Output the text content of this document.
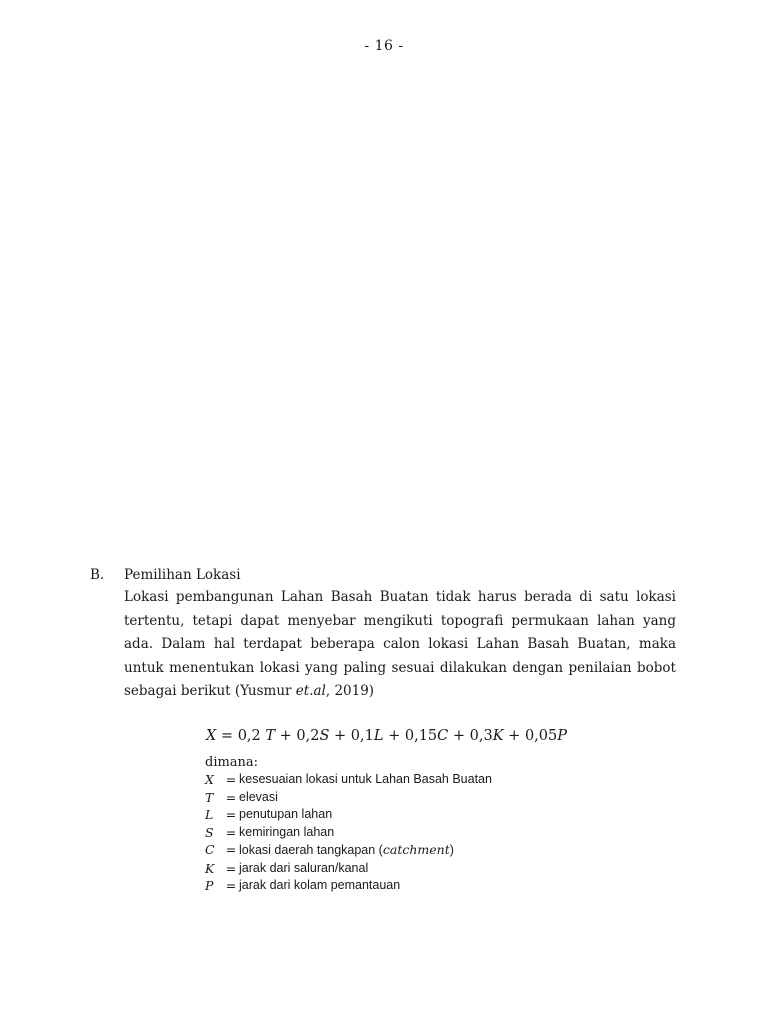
- 16 -
B.	Pemilihan Lokasi

Lokasi pembangunan Lahan Basah Buatan tidak harus berada di satu lokasi tertentu, tetapi dapat menyebar mengikuti topografi permukaan lahan yang ada. Dalam hal terdapat beberapa calon lokasi Lahan Basah Buatan, maka untuk menentukan lokasi yang paling sesuai dilakukan dengan penilaian bobot sebagai berikut (Yusmur et.al, 2019)

X = 0,2 T + 0,2S + 0,1L + 0,15C + 0,3K + 0,05P
dimana:
X = kesesuaian lokasi untuk Lahan Basah Buatan
T = elevasi
L = penutupan lahan
S = kemiringan lahan
C = lokasi daerah tangkapan (catchment)
K = jarak dari saluran/kanal
P = jarak dari kolam pemantauan
